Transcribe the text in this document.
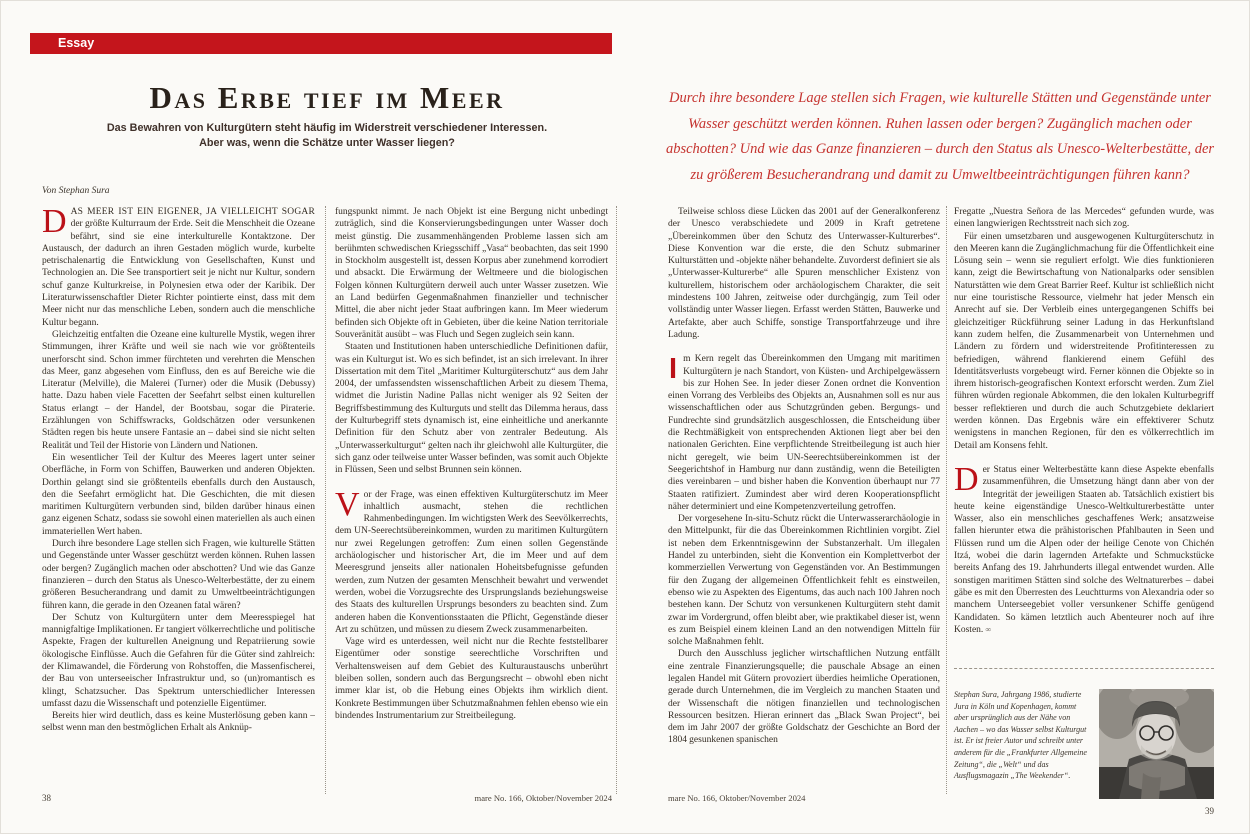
Essay
Das Erbe tief im Meer
Das Bewahren von Kulturgütern steht häufig im Widerstreit verschiedener Interessen.
Aber was, wenn die Schätze unter Wasser liegen?
Von Stephan Sura
Durch ihre besondere Lage stellen sich Fragen, wie kulturelle Stätten und Gegenstände unter Wasser geschützt werden können. Ruhen lassen oder bergen? Zugänglich machen oder abschotten? Und wie das Ganze finanzieren – durch den Status als Unesco-Welterbestätte, der zu größerem Besucherandrang und damit zu Umweltbeeinträchtigungen führen kann?

DAS MEER IST EIN EIGENER, JA VIELLEICHT SOGAR der größte Kulturraum der Erde. Seit die Menschheit die Ozeane befährt, sind sie eine interkulturelle Kontaktzone. Der Austausch, der dadurch an ihren Gestaden möglich wurde, kurbelte petrischalenartig die Entwicklung von Gesellschaften, Kunst und Technologien an. Die See transportiert seit je nicht nur Kultur, sondern schuf ganze Kulturkreise, in Polynesien etwa oder der Karibik. Der Literaturwissenschaftler Dieter Richter pointierte einst, dass mit dem Meer nicht nur das menschliche Leben, sondern auch die menschliche Kultur begann.

Gleichzeitig entfalten die Ozeane eine kulturelle Mystik, wegen ihrer Stimmungen, ihrer Kräfte und weil sie nach wie vor größtenteils unerforscht sind. Schon immer fürchteten und verehrten die Menschen das Meer, ganz abgesehen vom Einfluss, den es auf Bereiche wie die Literatur (Melville), die Malerei (Turner) oder die Musik (Debussy) hatte. Dazu haben viele Facetten der Seefahrt selbst einen kulturellen Status erlangt – der Handel, der Bootsbau, sogar die Piraterie. Erzählungen von Schiffswracks, Goldschätzen oder versunkenen Städten regen bis heute unsere Fantasie an – dabei sind sie nicht selten Realität und Teil der Historie von Ländern und Nationen.

Ein wesentlicher Teil der Kultur des Meeres lagert unter seiner Oberfläche, in Form von Schiffen, Bauwerken und anderen Objekten. Dorthin gelangt sind sie größtenteils ebenfalls durch den Austausch, den die Seefahrt ermöglicht hat. Die Geschichten, die mit diesen maritimen Kulturgütern verbunden sind, bilden darüber hinaus einen ganz eigenen Schatz, sodass sie sowohl einen materiellen als auch einen immateriellen Wert haben.

Durch ihre besondere Lage stellen sich Fragen, wie kulturelle Stätten und Gegenstände unter Wasser geschützt werden können. Ruhen lassen oder bergen? Zugänglich machen oder abschotten? Und wie das Ganze finanzieren – durch den Status als Unesco-Welterbestätte, der zu einem größeren Besucherandrang und damit zu Umweltbeeinträchtigungen führen kann, die gerade in den Ozeanen fatal wären?

Der Schutz von Kulturgütern unter dem Meeresspiegel hat mannigfaltige Implikationen. Er tangiert völkerrechtliche und politische Aspekte, Fragen der kulturellen Aneignung und Repatriierung sowie ökologische Einflüsse. Auch die Gefahren für die Güter sind zahlreich: der Klimawandel, die Förderung von Rohstoffen, die Massenfischerei, der Bau von unterseeischer Infrastruktur und, so (un)romantisch es klingt, Schatzsucher. Das Spektrum unterschiedlicher Interessen umfasst dazu die Wissenschaft und potenzielle Eigentümer.

Bereits hier wird deutlich, dass es keine Musterlösung geben kann – selbst wenn man den bestmöglichen Erhalt als Anknüp-

fungspunkt nimmt. Je nach Objekt ist eine Bergung nicht unbedingt zuträglich, sind die Konservierungsbedingungen unter Wasser doch meist günstig. Die zusammenhängenden Probleme lassen sich am berühmten schwedischen Kriegsschiff „Vasa“ beobachten, das seit 1990 in Stockholm ausgestellt ist, dessen Korpus aber zunehmend korrodiert und absackt. Die Erwärmung der Weltmeere und die biologischen Folgen können Kulturgütern derweil auch unter Wasser zusetzen. Wie an Land bedürfen Gegenmaßnahmen finanzieller und technischer Mittel, die aber nicht jeder Staat aufbringen kann. Im Meer wiederum befinden sich Objekte oft in Gebieten, über die keine Nation territoriale Souveränität ausübt – was Fluch und Segen zugleich sein kann.

Staaten und Institutionen haben unterschiedliche Definitionen dafür, was ein Kulturgut ist. Wo es sich befindet, ist an sich irrelevant. In ihrer Dissertation mit dem Titel „Maritimer Kulturgüterschutz“ aus dem Jahr 2004, der umfassendsten wissenschaftlichen Arbeit zu diesem Thema, widmet die Juristin Nadine Pallas nicht weniger als 92 Seiten der Begriffsbestimmung des Kulturguts und stellt das Dilemma heraus, dass der Kulturbegriff stets dynamisch ist, eine einheitliche und anerkannte Definition für den Schutz aber von zentraler Bedeutung. Als „Unterwasserkulturgut“ gelten nach ihr gleichwohl alle Kulturgüter, die sich ganz oder teilweise unter Wasser befinden, was somit auch Objekte in Flüssen, Seen und selbst Brunnen sein können.

Vor der Frage, was einen effektiven Kulturgüterschutz im Meer inhaltlich ausmacht, stehen die rechtlichen Rahmenbedingungen. Im wichtigsten Werk des Seevölkerrechts, dem UN-Seerechtsübereinkommen, wurden zu maritimen Kulturgütern nur zwei Regelungen getroffen: Zum einen sollen Gegenstände archäologischer und historischer Art, die im Meer und auf dem Meeresgrund jenseits aller nationalen Hoheitsbefugnisse gefunden werden, zum Nutzen der gesamten Menschheit bewahrt und verwendet werden, wobei die Vorzugsrechte des Ursprungslands beziehungsweise des Staats des kulturellen Ursprungs besonders zu beachten sind. Zum anderen haben die Konventionsstaaten die Pflicht, Gegenstände dieser Art zu schützen, und müssen zu diesem Zweck zusammenarbeiten.

Vage wird es unterdessen, weil nicht nur die Rechte feststellbarer Eigentümer oder sonstige seerechtliche Vorschriften und Verhaltensweisen auf dem Gebiet des Kulturaustauschs unberührt bleiben sollen, sondern auch das Bergungsrecht – obwohl eben nicht immer klar ist, ob die Hebung eines Objekts ihm wirklich dient. Konkrete Bestimmungen über Schutzmaßnahmen fehlen ebenso wie ein bindendes Instrumentarium zur Streitbeilegung.

Teilweise schloss diese Lücken das 2001 auf der Generalkonferenz der Unesco verabschiedete und 2009 in Kraft getretene „Übereinkommen über den Schutz des Unterwasser-Kulturerbes“. Diese Konvention war die erste, die den Schutz submariner Kulturstätten und -objekte näher behandelte. Zuvorderst definiert sie als „Unterwasser-Kulturerbe“ alle Spuren menschlicher Existenz von kulturellem, historischem oder archäologischem Charakter, die seit mindestens 100 Jahren, zeitweise oder durchgängig, zum Teil oder vollständig unter Wasser liegen. Erfasst werden Stätten, Bauwerke und Artefakte, aber auch Schiffe, sonstige Transportfahrzeuge und ihre Ladung.

Im Kern regelt das Übereinkommen den Umgang mit maritimen Kulturgütern je nach Standort, von Küsten- und Archipelgewässern bis zur Hohen See. In jeder dieser Zonen ordnet die Konvention einen Vorrang des Verbleibs des Objekts an, Ausnahmen soll es nur aus wissenschaftlichen oder aus Schutzgründen geben. Bergungs- und Fundrechte sind grundsätzlich ausgeschlossen, die Entscheidung über die Rechtmäßigkeit von entsprechenden Aktionen liegt aber bei den nationalen Gerichten. Eine verpflichtende Streitbeilegung ist auch hier nicht geregelt, wie beim UN-Seerechtsübereinkommen ist der Seegerichtshof in Hamburg nur dann zuständig, wenn die Beteiligten dies vereinbaren – und bisher haben die Konvention überhaupt nur 77 Staaten ratifiziert. Zumindest aber wird deren Kooperationspflicht näher determiniert und eine Kompetenzverteilung getroffen.

Der vorgesehene In-situ-Schutz rückt die Unterwasserarchäologie in den Mittelpunkt, für die das Übereinkommen Richtlinien vorgibt. Ziel ist neben dem Erkenntnisgewinn der Substanzerhalt. Um illegalen Handel zu unterbinden, sieht die Konvention ein Komplettverbot der kommerziellen Verwertung von Gegenständen vor. An Bestimmungen für den Zugang der allgemeinen Öffentlichkeit fehlt es einstweilen, ebenso wie zu Aspekten des Eigentums, das auch nach 100 Jahren noch bestehen kann. Der Schutz von versunkenen Kulturgütern steht damit zwar im Vordergrund, offen bleibt aber, wie praktikabel dieser ist, wenn es zum Beispiel einem kleinen Land an den notwendigen Mitteln für solche Maßnahmen fehlt.

Durch den Ausschluss jeglicher wirtschaftlichen Nutzung entfällt eine zentrale Finanzierungsquelle; die pauschale Absage an einen legalen Handel mit Gütern provoziert überdies heimliche Operationen, gerade durch Unternehmen, die im Vergleich zu manchen Staaten und der Wissenschaft die nötigen finanziellen und technologischen Ressourcen besitzen. Hieran erinnert das „Black Swan Project“, bei dem im Jahr 2007 der größte Goldschatz der Geschichte an Bord der 1804 gesunkenen spanischen

Fregatte „Nuestra Señora de las Mercedes“ gefunden wurde, was einen langwierigen Rechtsstreit nach sich zog.

Für einen umsetzbaren und ausgewogenen Kulturgüterschutz in den Meeren kann die Zugänglichmachung für die Öffentlichkeit eine Lösung sein – wenn sie reguliert erfolgt. Wie dies funktionieren kann, zeigt die Bewirtschaftung von Nationalparks oder sensiblen Naturstätten wie dem Great Barrier Reef. Kultur ist schließlich nicht nur eine touristische Ressource, vielmehr hat jeder Mensch ein Anrecht auf sie. Der Verbleib eines untergegangenen Schiffs bei gleichzeitiger Rückführung seiner Ladung in das Herkunftsland kann zudem helfen, die Zusammenarbeit von Unternehmen und Ländern zu fördern und widerstreitende Profitinteressen zu befriedigen, während flankierend einem Gefühl des Identitätsverlusts vorgebeugt wird. Ferner können die Objekte so in ihrem historisch-geografischen Kontext erforscht werden. Zum Ziel führen würden regionale Abkommen, die den lokalen Kulturbegriff besser reflektieren und durch die auch Schutzgebiete deklariert werden können. Das Ergebnis wäre ein effektiverer Schutz wenigstens in manchen Regionen, für den es völkerrechtlich im Detail am Konsens fehlt.

Der Status einer Welterbestätte kann diese Aspekte ebenfalls zusammenführen, die Umsetzung hängt dann aber von der Integrität der jeweiligen Staaten ab. Tatsächlich existiert bis heute keine eigenständige Unesco-Weltkulturerbestätte unter Wasser, also ein menschliches geschaffenes Werk; ansatzweise fallen hierunter etwa die prähistorischen Pfahlbauten in Seen und Flüssen rund um die Alpen oder der heilige Cenote von Chichén Itzá, wobei die darin lagernden Artefakte und Schmuckstücke bereits Anfang des 19. Jahrhunderts illegal entwendet wurden. Alle sonstigen maritimen Stätten sind solche des Weltnaturerbes – dabei gäbe es mit den Überresten des Leuchtturms von Alexandria oder so manchem Unterseegebiet voller versunkener Schiffe genügend Kandidaten. So kämen letztlich auch Abenteurer noch auf ihre Kosten. ∞

Stephan Sura, Jahrgang 1986, studierte Jura in Köln und Kopenhagen, kommt aber ursprünglich aus der Nähe von Aachen – wo das Wasser selbst Kulturgut ist. Er ist freier Autor und schreibt unter anderem für die „Frankfurter Allgemeine Zeitung“, die „Welt“ und das Ausflugsmagazin „The Weekender“.
38	mare No. 166, Oktober/November 2024	mare No. 166, Oktober/November 2024
39
